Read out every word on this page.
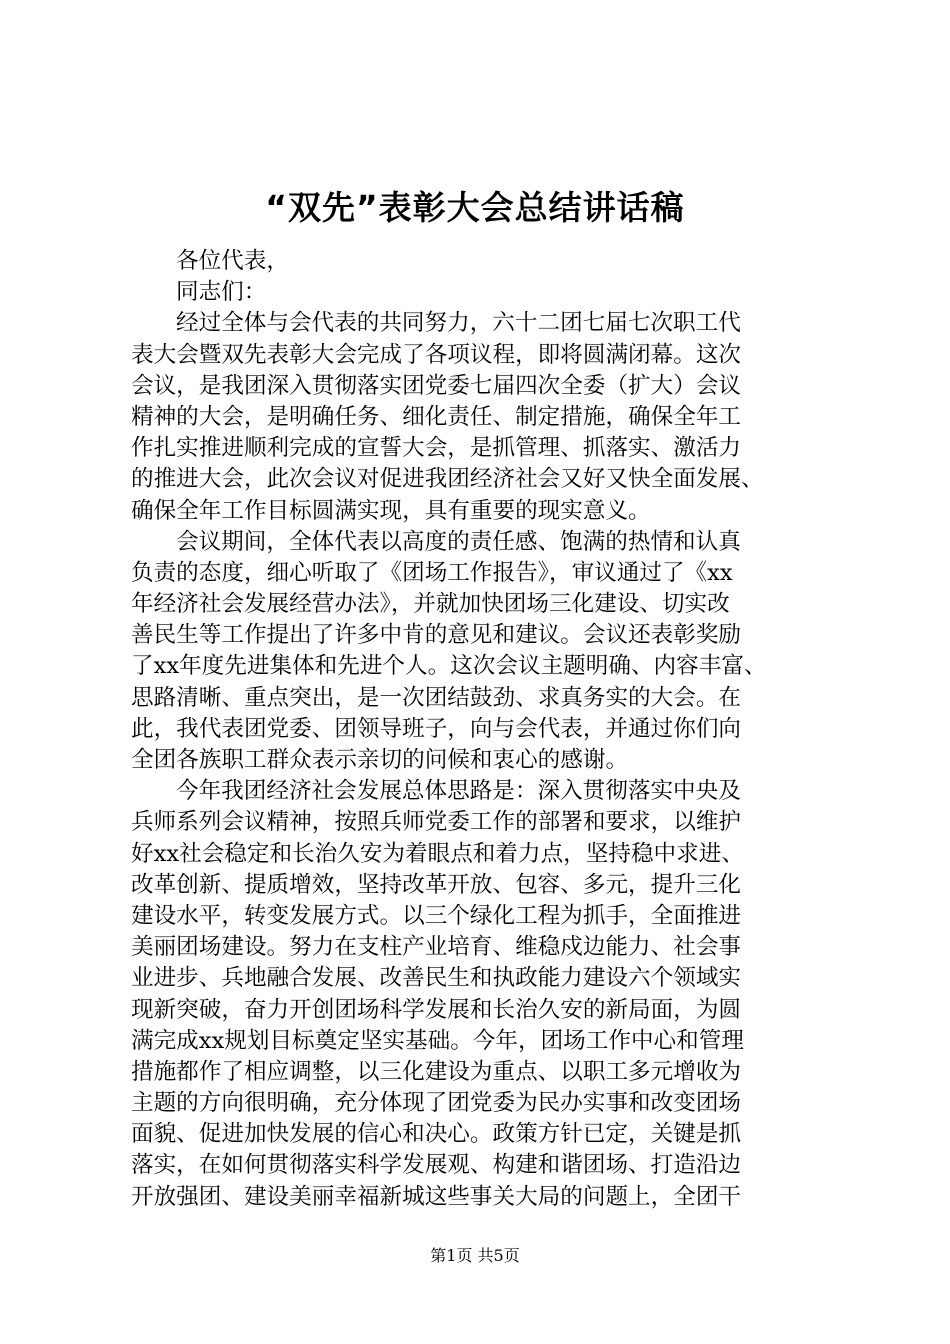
“双先”表彰大会总结讲话稿
各位代表，
同志们：
经过全体与会代表的共同努力，六十二团七届七次职工代
表大会暨双先表彰大会完成了各项议程，即将圆满闭幕。这次
会议，是我团深入贯彻落实团党委七届四次全委（扩大）会议
精神的大会，是明确任务、细化责任、制定措施，确保全年工
作扎实推进顺利完成的宣誓大会，是抓管理、抓落实、激活力
的推进大会，此次会议对促进我团经济社会又好又快全面发展、
确保全年工作目标圆满实现，具有重要的现实意义。
会议期间，全体代表以高度的责任感、饱满的热情和认真
负责的态度，细心听取了《团场工作报告》，审议通过了《xx
年经济社会发展经营办法》，并就加快团场三化建设、切实改
善民生等工作提出了许多中肯的意见和建议。会议还表彰奖励
了xx年度先进集体和先进个人。这次会议主题明确、内容丰富、
思路清晰、重点突出，是一次团结鼓劲、求真务实的大会。在
此，我代表团党委、团领导班子，向与会代表，并通过你们向
全团各族职工群众表示亲切的问候和衷心的感谢。
今年我团经济社会发展总体思路是：深入贯彻落实中央及
兵师系列会议精神，按照兵师党委工作的部署和要求，以维护
好xx社会稳定和长治久安为着眼点和着力点，坚持稳中求进、
改革创新、提质增效，坚持改革开放、包容、多元，提升三化
建设水平，转变发展方式。以三个绿化工程为抓手，全面推进
美丽团场建设。努力在支柱产业培育、维稳戍边能力、社会事
业进步、兵地融合发展、改善民生和执政能力建设六个领域实
现新突破，奋力开创团场科学发展和长治久安的新局面，为圆
满完成xx规划目标奠定坚实基础。今年，团场工作中心和管理
措施都作了相应调整，以三化建设为重点、以职工多元增收为
主题的方向很明确，充分体现了团党委为民办实事和改变团场
面貌、促进加快发展的信心和决心。政策方针已定，关键是抓
落实，在如何贯彻落实科学发展观、构建和谐团场、打造沿边
开放强团、建设美丽幸福新城这些事关大局的问题上，全团干
第1页 共5页
